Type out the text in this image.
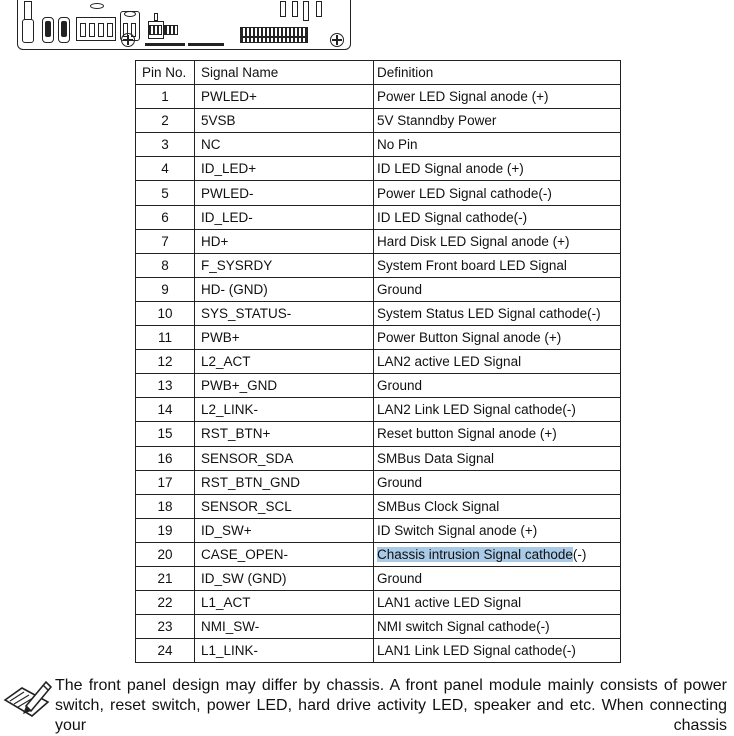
Pin No.	Signal Name	Definition
1	PWLED+	Power LED Signal anode (+)
2	5VSB	5V Stanndby Power
3	NC	No Pin
4	ID_LED+	ID LED Signal anode (+)
5	PWLED-	Power LED Signal cathode(-)
6	ID_LED-	ID LED Signal cathode(-)
7	HD+	Hard Disk LED Signal anode (+)
8	F_SYSRDY	System Front board LED Signal
9	HD- (GND)	Ground
10	SYS_STATUS-	System Status LED Signal cathode(-)
11	PWB+	Power Button Signal anode (+)
12	L2_ACT	LAN2 active LED Signal
13	PWB+_GND	Ground
14	L2_LINK-	LAN2 Link LED Signal cathode(-)
15	RST_BTN+	Reset button Signal anode (+)
16	SENSOR_SDA	SMBus Data Signal
17	RST_BTN_GND	Ground
18	SENSOR_SCL	SMBus Clock Signal
19	ID_SW+	ID Switch Signal anode (+)
20	CASE_OPEN-	Chassis intrusion Signal cathode(-)
21	ID_SW (GND)	Ground
22	L1_ACT	LAN1 active LED Signal
23	NMI_SW-	NMI switch Signal cathode(-)
24	L1_LINK-	LAN1 Link LED Signal cathode(-)
The front panel design may differ by chassis. A front panel module mainly consists of power switch, reset switch, power LED, hard drive activity LED, speaker and etc. When connecting your chassis
